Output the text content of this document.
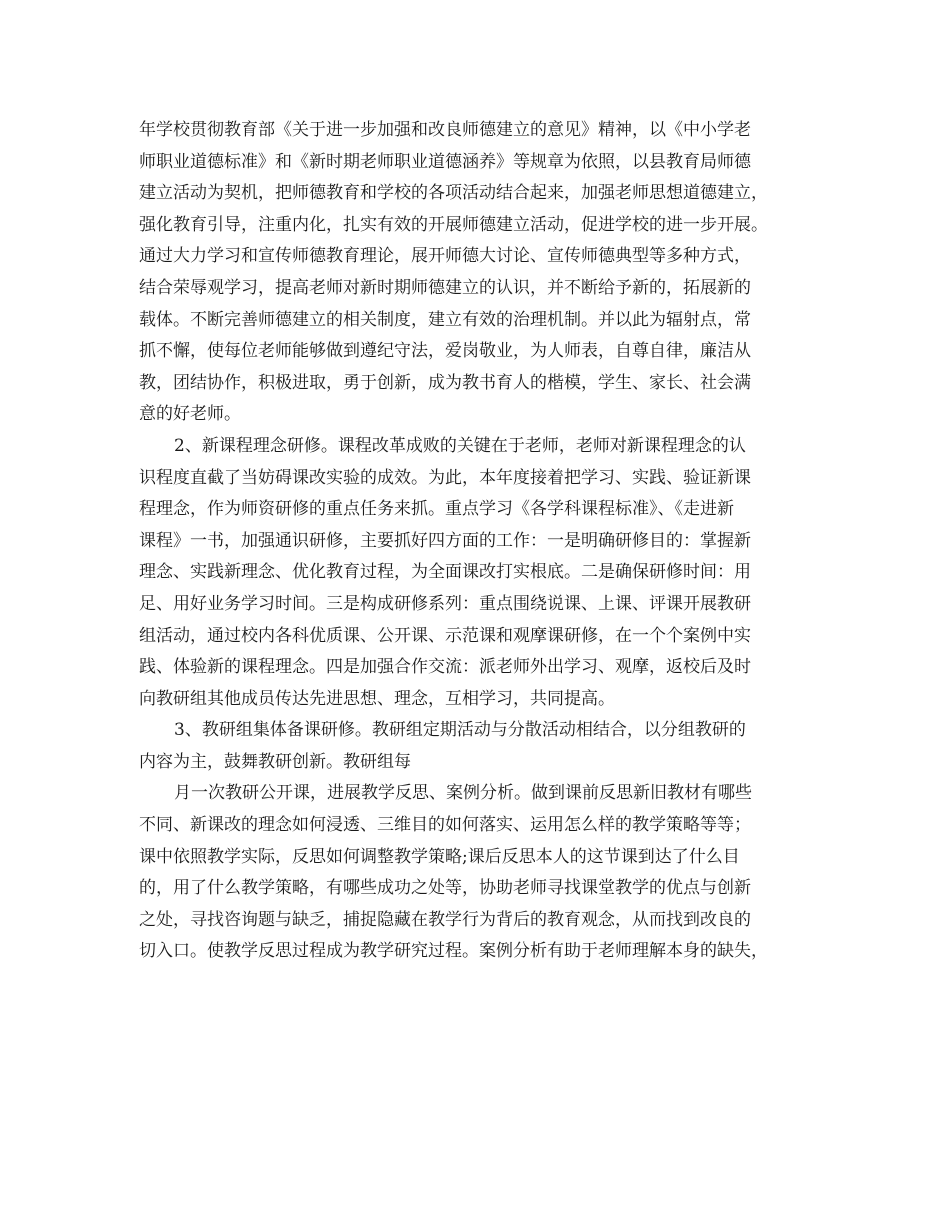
年学校贯彻教育部《关于进一步加强和改良师德建立的意见》精神，以《中小学老
师职业道德标准》和《新时期老师职业道德涵养》等规章为依照，以县教育局师德
建立活动为契机，把师德教育和学校的各项活动结合起来，加强老师思想道德建立，
强化教育引导，注重内化，扎实有效的开展师德建立活动，促进学校的进一步开展。
通过大力学习和宣传师德教育理论，展开师德大讨论、宣传师德典型等多种方式，
结合荣辱观学习，提高老师对新时期师德建立的认识，并不断给予新的，拓展新的
载体。不断完善师德建立的相关制度，建立有效的治理机制。并以此为辐射点，常
抓不懈，使每位老师能够做到遵纪守法，爱岗敬业，为人师表，自尊自律，廉洁从
教，团结协作，积极进取，勇于创新，成为教书育人的楷模，学生、家长、社会满
意的好老师。
2、新课程理念研修。课程改革成败的关键在于老师，老师对新课程理念的认
识程度直截了当妨碍课改实验的成效。为此，本年度接着把学习、实践、验证新课
程理念，作为师资研修的重点任务来抓。重点学习《各学科课程标准》、《走进新
课程》一书，加强通识研修，主要抓好四方面的工作：一是明确研修目的：掌握新
理念、实践新理念、优化教育过程，为全面课改打实根底。二是确保研修时间：用
足、用好业务学习时间。三是构成研修系列：重点围绕说课、上课、评课开展教研
组活动，通过校内各科优质课、公开课、示范课和观摩课研修，在一个个案例中实
践、体验新的课程理念。四是加强合作交流：派老师外出学习、观摩，返校后及时
向教研组其他成员传达先进思想、理念，互相学习，共同提高。
3、教研组集体备课研修。教研组定期活动与分散活动相结合，以分组教研的
内容为主，鼓舞教研创新。教研组每
月一次教研公开课，进展教学反思、案例分析。做到课前反思新旧教材有哪些
不同、新课改的理念如何浸透、三维目的如何落实、运用怎么样的教学策略等等；
课中依照教学实际，反思如何调整教学策略;课后反思本人的这节课到达了什么目
的，用了什么教学策略，有哪些成功之处等，协助老师寻找课堂教学的优点与创新
之处，寻找咨询题与缺乏，捕捉隐藏在教学行为背后的教育观念，从而找到改良的
切入口。使教学反思过程成为教学研究过程。案例分析有助于老师理解本身的缺失，
